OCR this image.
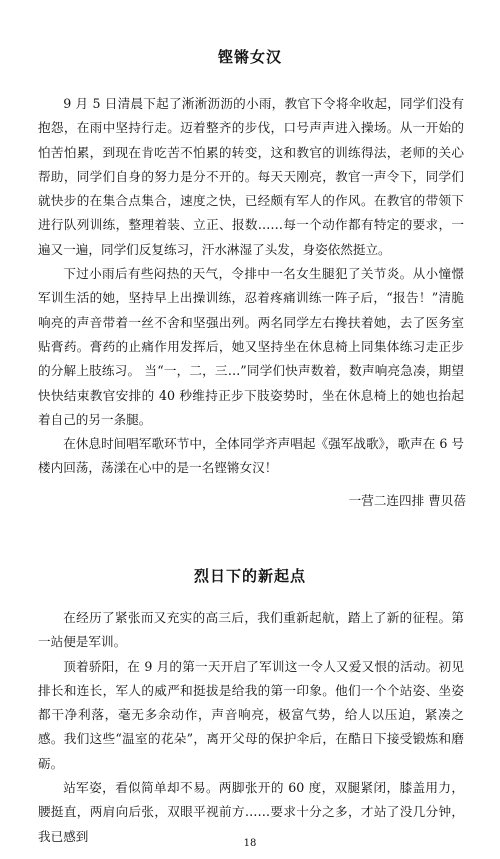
铿锵女汉

9 月 5 日清晨下起了淅淅沥沥的小雨，教官下令将伞收起，同学们没有抱怨，在雨中坚持行走。迈着整齐的步伐，口号声声进入操场。从一开始的怕苦怕累，到现在肯吃苦不怕累的转变，这和教官的训练得法，老师的关心帮助，同学们自身的努力是分不开的。每天天刚亮，教官一声令下，同学们就快步的在集合点集合，速度之快，已经颇有军人的作风。在教官的带领下进行队列训练，整理着装、立正、报数……每一个动作都有特定的要求，一遍又一遍，同学们反复练习，汗水淋湿了头发，身姿依然挺立。

下过小雨后有些闷热的天气，令排中一名女生腿犯了关节炎。从小憧憬军训生活的她，坚持早上出操训练，忍着疼痛训练一阵子后，“报告！”清脆响亮的声音带着一丝不舍和坚强出列。两名同学左右搀扶着她，去了医务室贴膏药。膏药的止痛作用发挥后，她又坚持坐在休息椅上同集体练习走正步的分解上肢练习。 当“一，二，三…”同学们快声数着，数声响亮急凑，期望快快结束教官安排的 40 秒维持正步下肢姿势时，坐在休息椅上的她也抬起着自己的另一条腿。

在休息时间唱军歌环节中，全体同学齐声唱起《强军战歌》，歌声在 6 号楼内回荡，荡漾在心中的是一名铿锵女汉！

一营二连四排 曹贝蓓
烈日下的新起点

在经历了紧张而又充实的高三后，我们重新起航，踏上了新的征程。第一站便是军训。

顶着骄阳，在 9 月的第一天开启了军训这一令人又爱又恨的活动。初见排长和连长，军人的威严和挺拔是给我的第一印象。他们一个个站姿、坐姿都干净利落，毫无多余动作，声音响亮，极富气势，给人以压迫，紧凑之感。我们这些“温室的花朵”，离开父母的保护伞后，在酷日下接受锻炼和磨砺。

站军姿，看似简单却不易。两脚张开的 60 度，双腿紧闭，膝盖用力，腰挺直，两肩向后张，双眼平视前方……要求十分之多，才站了没几分钟，我已感到	18
